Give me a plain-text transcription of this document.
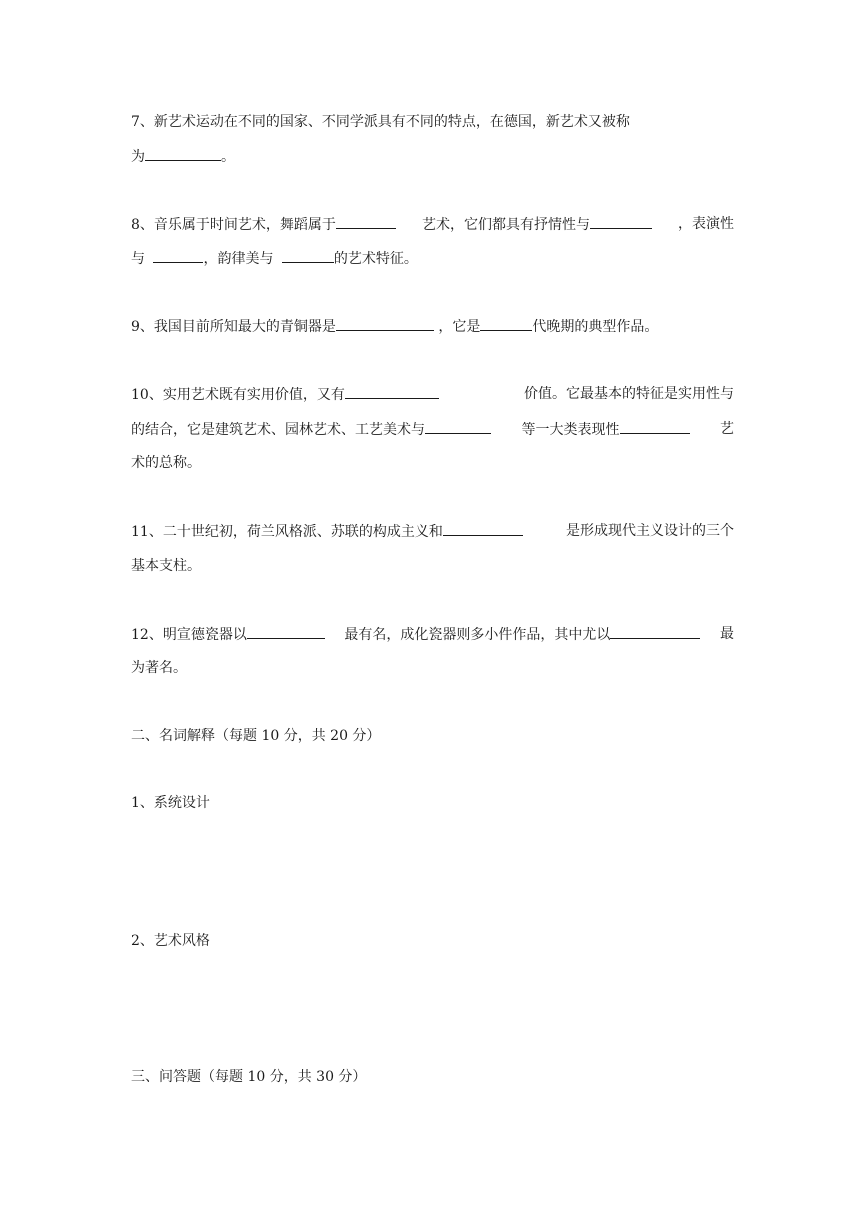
7、新艺术运动在不同的国家、不同学派具有不同的特点，在德国，新艺术又被称
为	。
8、音乐属于时间艺术，舞蹈属于	艺术，它们都具有抒情性与	，表演性
与	，韵律美与	的艺术特征。
9、我国目前所知最大的青铜器是	，它是	代晚期的典型作品。
10、实用艺术既有实用价值，又有	价值。它最基本的特征是实用性与
的结合，它是建筑艺术、园林艺术、工艺美术与	等一大类表现性	艺
术的总称。
11、二十世纪初，荷兰风格派、苏联的构成主义和	是形成现代主义设计的三个
基本支柱。
12、明宣德瓷器以	最有名，成化瓷器则多小件作品，其中尤以	最
为著名。
二、名词解释（每题 10 分，共 20 分）
1、系统设计
2、艺术风格
三、问答题（每题 10 分，共 30 分）
